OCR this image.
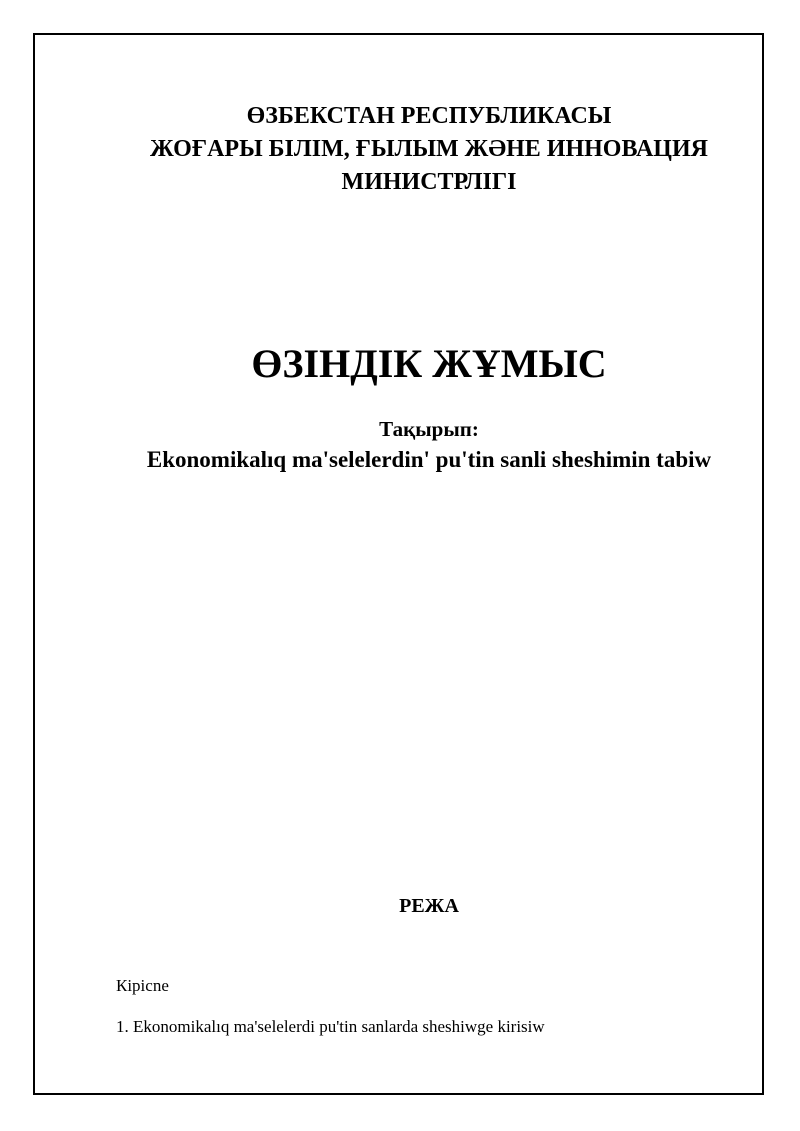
ӨЗБЕКСТАН РЕСПУБЛИКАСЫ
ЖОҒАРЫ БІЛІМ, ҒЫЛЫМ ЖӘНЕ ИННОВАЦИЯ
МИНИСТРЛІГІ
ӨЗІНДІК ЖҰМЫС
Тақырып:
Ekonomikalıq ma'selelerdin' pu'tin sanli sheshimin tabiw
РЕЖА
Кірісnе
1. Ekonomikalıq ma'selelerdi pu'tin sanlarda sheshiwge kirisiw
